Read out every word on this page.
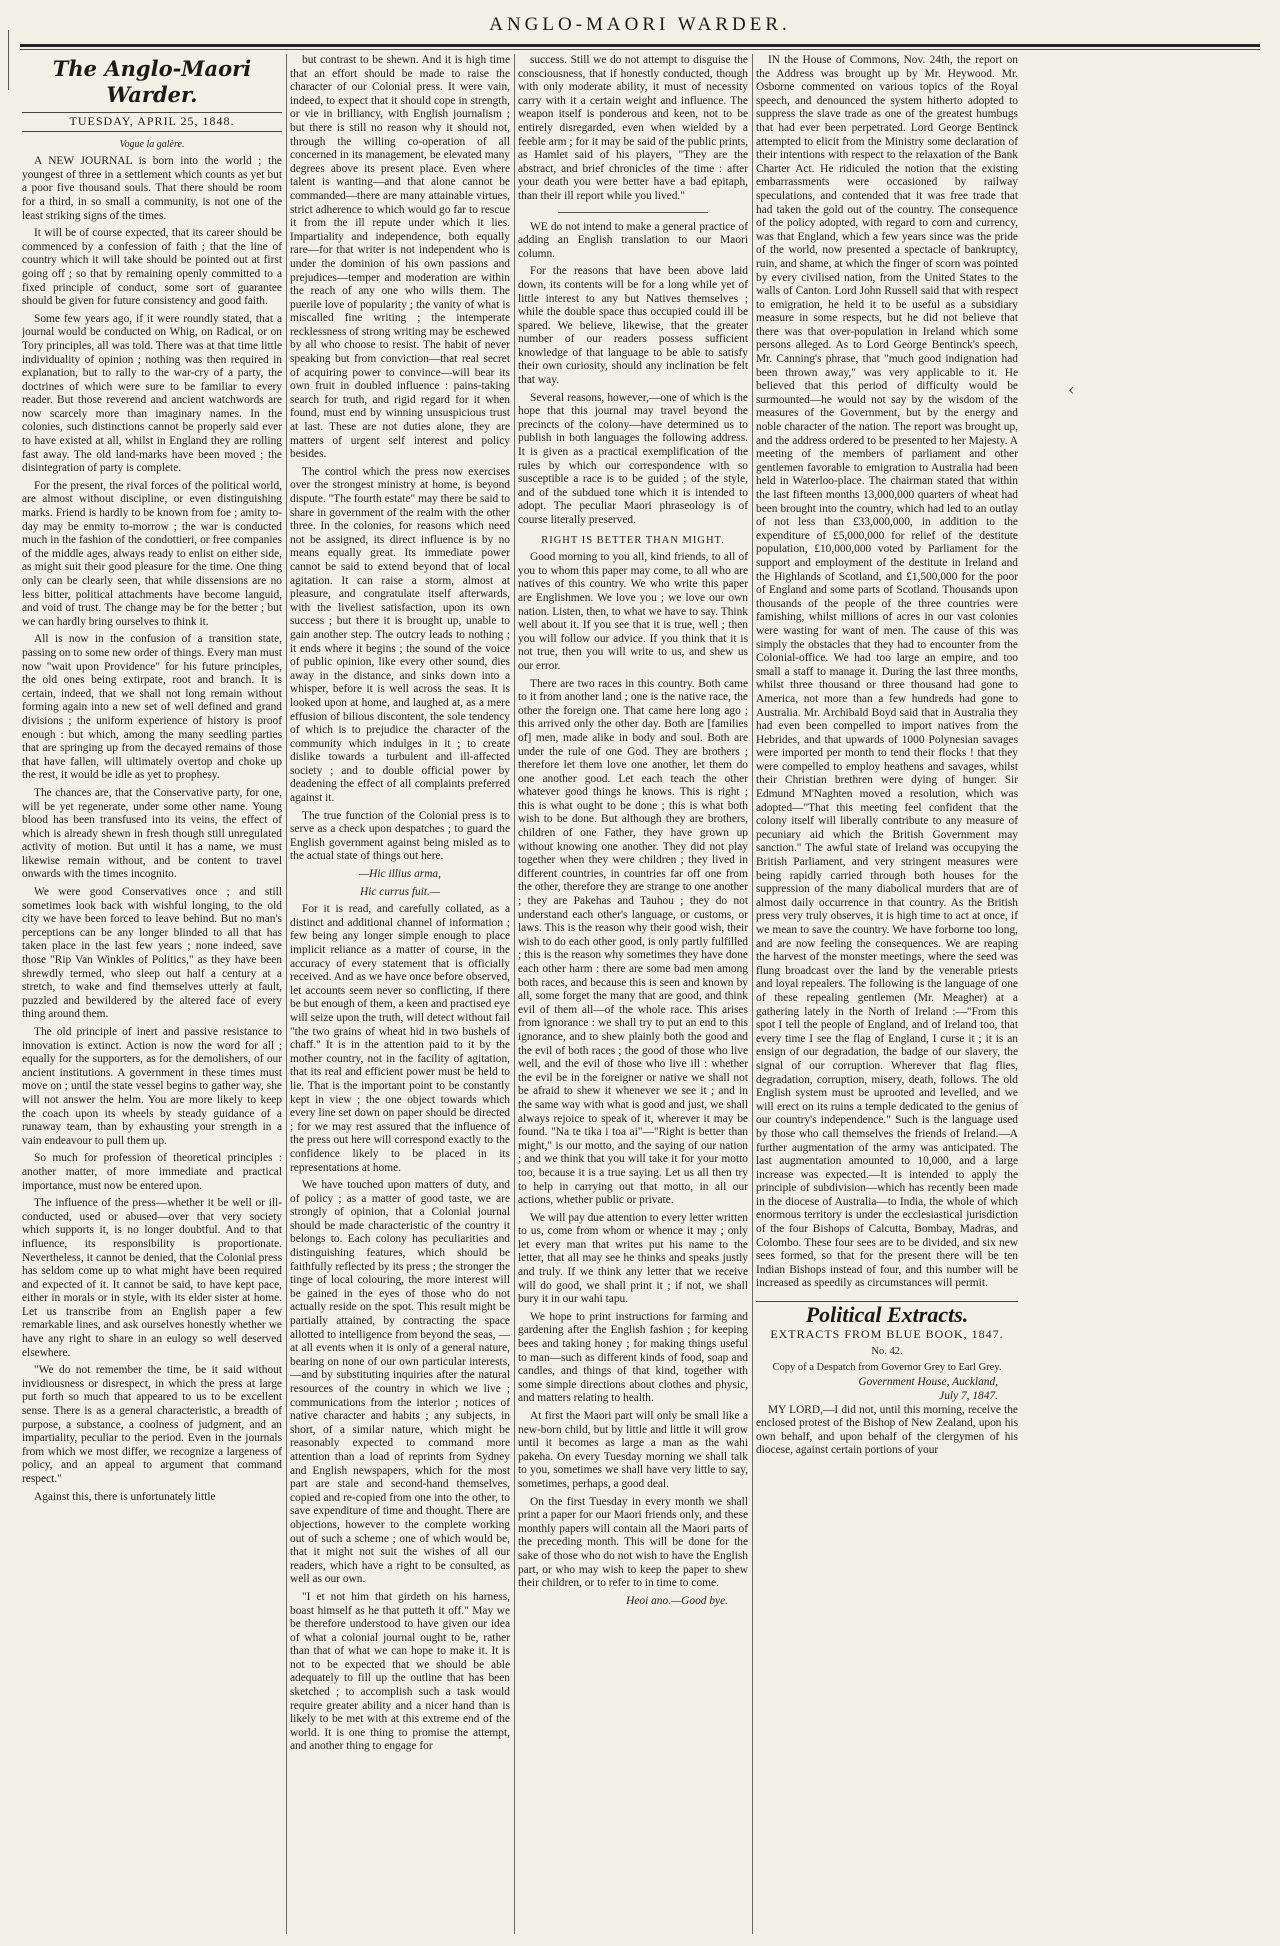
ANGLO-MAORI WARDER.
The Anglo-Maori Warder.
TUESDAY, APRIL 25, 1848.
Vogue la galère.

A NEW JOURNAL is born into the world ; the youngest of three in a settlement which counts as yet but a poor five thousand souls. That there should be room for a third, in so small a community, is not one of the least striking signs of the times.

It will be of course expected, that its career should be commenced by a confession of faith ; that the line of country which it will take should be pointed out at first going off ; so that by remaining openly committed to a fixed principle of conduct, some sort of guarantee should be given for future consistency and good faith.

Some few years ago, if it were roundly stated, that a journal would be conducted on Whig, on Radical, or on Tory principles, all was told. There was at that time little individuality of opinion ; nothing was then required in explanation, but to rally to the war-cry of a party, the doctrines of which were sure to be familiar to every reader. But those reverend and ancient watchwords are now scarcely more than imaginary names. In the colonies, such distinctions cannot be properly said ever to have existed at all, whilst in England they are rolling fast away. The old land-marks have been moved ; the disintegration of party is complete.

For the present, the rival forces of the political world, are almost without discipline, or even distinguishing marks. Friend is hardly to be known from foe ; amity to-day may be enmity to-morrow ; the war is conducted much in the fashion of the condottieri, or free companies of the middle ages, always ready to enlist on either side, as might suit their good pleasure for the time. One thing only can be clearly seen, that while dissensions are no less bitter, political attachments have become languid, and void of trust. The change may be for the better ; but we can hardly bring ourselves to think it.

All is now in the confusion of a transition state, passing on to some new order of things. Every man must now "wait upon Providence" for his future principles, the old ones being extirpate, root and branch. It is certain, indeed, that we shall not long remain without forming again into a new set of well defined and grand divisions ; the uniform experience of history is proof enough : but which, among the many seedling parties that are springing up from the decayed remains of those that have fallen, will ultimately overtop and choke up the rest, it would be idle as yet to prophesy.

The chances are, that the Conservative party, for one, will be yet regenerate, under some other name. Young blood has been transfused into its veins, the effect of which is already shewn in fresh though still unregulated activity of motion. But until it has a name, we must likewise remain without, and be content to travel onwards with the times incognito.

We were good Conservatives once ; and still sometimes look back with wishful longing, to the old city we have been forced to leave behind. But no man's perceptions can be any longer blinded to all that has taken place in the last few years ; none indeed, save those "Rip Van Winkles of Politics," as they have been shrewdly termed, who sleep out half a century at a stretch, to wake and find themselves utterly at fault, puzzled and bewildered by the altered face of every thing around them.

The old principle of inert and passive resistance to innovation is extinct. Action is now the word for all ; equally for the supporters, as for the demolishers, of our ancient institutions. A government in these times must move on ; until the state vessel begins to gather way, she will not answer the helm. You are more likely to keep the coach upon its wheels by steady guidance of a runaway team, than by exhausting your strength in a vain endeavour to pull them up.

So much for profession of theoretical principles : another matter, of more immediate and practical importance, must now be entered upon.

The influence of the press—whether it be well or ill-conducted, used or abused—over that very society which supports it, is no longer doubtful. And to that influence, its responsibility is proportionate. Nevertheless, it cannot be denied, that the Colonial press has seldom come up to what might have been required and expected of it. It cannot be said, to have kept pace, either in morals or in style, with its elder sister at home. Let us transcribe from an English paper a few remarkable lines, and ask ourselves honestly whether we have any right to share in an eulogy so well deserved elsewhere.

"We do not remember the time, be it said without invidiousness or disrespect, in which the press at large put forth so much that appeared to us to be excellent sense. There is as a general characteristic, a breadth of purpose, a substance, a coolness of judgment, and an impartiality, peculiar to the period. Even in the journals from which we most differ, we recognize a largeness of policy, and an appeal to argument that command respect."

Against this, there is unfortunately little

but contrast to be shewn. And it is high time that an effort should be made to raise the character of our Colonial press. It were vain, indeed, to expect that it should cope in strength, or vie in brilliancy, with English journalism ; but there is still no reason why it should not, through the willing co-operation of all concerned in its management, be elevated many degrees above its present place. Even where talent is wanting—and that alone cannot be commanded—there are many attainable virtues, strict adherence to which would go far to rescue it from the ill repute under which it lies. Impartiality and independence, both equally rare—for that writer is not independent who is under the dominion of his own passions and prejudices—temper and moderation are within the reach of any one who wills them. The puerile love of popularity ; the vanity of what is miscalled fine writing ; the intemperate recklessness of strong writing may be eschewed by all who choose to resist. The habit of never speaking but from conviction—that real secret of acquiring power to convince—will bear its own fruit in doubled influence : pains-taking search for truth, and rigid regard for it when found, must end by winning unsuspicious trust at last. These are not duties alone, they are matters of urgent self interest and policy besides.

The control which the press now exercises over the strongest ministry at home, is beyond dispute. "The fourth estate" may there be said to share in government of the realm with the other three. In the colonies, for reasons which need not be assigned, its direct influence is by no means equally great. Its immediate power cannot be said to extend beyond that of local agitation. It can raise a storm, almost at pleasure, and congratulate itself afterwards, with the liveliest satisfaction, upon its own success ; but there it is brought up, unable to gain another step. The outcry leads to nothing ; it ends where it begins ; the sound of the voice of public opinion, like every other sound, dies away in the distance, and sinks down into a whisper, before it is well across the seas. It is looked upon at home, and laughed at, as a mere effusion of bilious discontent, the sole tendency of which is to prejudice the character of the community which indulges in it ; to create dislike towards a turbulent and ill-affected society ; and to double official power by deadening the effect of all complaints preferred against it.

The true function of the Colonial press is to serve as a check upon despatches ; to guard the English government against being misled as to the actual state of things out here.

—Hic illius arma,
Hic currus fuit.—

For it is read, and carefully collated, as a distinct and additional channel of information ; few being any longer simple enough to place implicit reliance as a matter of course, in the accuracy of every statement that is officially received. And as we have once before observed, let accounts seem never so conflicting, if there be but enough of them, a keen and practised eye will seize upon the truth, will detect without fail "the two grains of wheat hid in two bushels of chaff." It is in the attention paid to it by the mother country, not in the facility of agitation, that its real and efficient power must be held to lie. That is the important point to be constantly kept in view ; the one object towards which every line set down on paper should be directed ; for we may rest assured that the influence of the press out here will correspond exactly to the confidence likely to be placed in its representations at home.

We have touched upon matters of duty, and of policy ; as a matter of good taste, we are strongly of opinion, that a Colonial journal should be made characteristic of the country it belongs to. Each colony has peculiarities and distinguishing features, which should be faithfully reflected by its press ; the stronger the tinge of local colouring, the more interest will be gained in the eyes of those who do not actually reside on the spot. This result might be partially attained, by contracting the space allotted to intelligence from beyond the seas, —at all events when it is only of a general nature, bearing on none of our own particular interests,—and by substituting inquiries after the natural resources of the country in which we live ; communications from the interior ; notices of native character and habits ; any subjects, in short, of a similar nature, which might be reasonably expected to command more attention than a load of reprints from Sydney and English newspapers, which for the most part are stale and second-hand themselves, copied and re-copied from one into the other, to save expenditure of time and thought. There are objections, however to the complete working out of such a scheme ; one of which would be, that it might not suit the wishes of all our readers, which have a right to be consulted, as well as our own.

"I et not him that girdeth on his harness, boast himself as he that putteth it off." May we be therefore understood to have given our idea of what a colonial journal ought to be, rather than that of what we can hope to make it. It is not to be expected that we should be able adequately to fill up the outline that has been sketched ; to accomplish such a task would require greater ability and a nicer hand than is likely to be met with at this extreme end of the world. It is one thing to promise the attempt, and another thing to engage for

success. Still we do not attempt to disguise the consciousness, that if honestly conducted, though with only moderate ability, it must of necessity carry with it a certain weight and influence. The weapon itself is ponderous and keen, not to be entirely disregarded, even when wielded by a feeble arm ; for it may be said of the public prints, as Hamlet said of his players, "They are the abstract, and brief chronicles of the time : after your death you were better have a bad epitaph, than their ill report while you lived."

WE do not intend to make a general practice of adding an English translation to our Maori column.

For the reasons that have been above laid down, its contents will be for a long while yet of little interest to any but Natives themselves ; while the double space thus occupied could ill be spared. We believe, likewise, that the greater number of our readers possess sufficient knowledge of that language to be able to satisfy their own curiosity, should any inclination be felt that way.

Several reasons, however,—one of which is the hope that this journal may travel beyond the precincts of the colony—have determined us to publish in both languages the following address. It is given as a practical exemplification of the rules by which our correspondence with so susceptible a race is to be guided ; of the style, and of the subdued tone which it is intended to adopt. The peculiar Maori phraseology is of course literally preserved.

RIGHT IS BETTER THAN MIGHT.

Good morning to you all, kind friends, to all of you to whom this paper may come, to all who are natives of this country. We who write this paper are Englishmen. We love you ; we love our own nation. Listen, then, to what we have to say. Think well about it. If you see that it is true, well ; then you will follow our advice. If you think that it is not true, then you will write to us, and shew us our error.

There are two races in this country. Both came to it from another land ; one is the native race, the other the foreign one. That came here long ago ; this arrived only the other day. Both are [families of] men, made alike in body and soul. Both are under the rule of one God. They are brothers ; therefore let them love one another, let them do one another good. Let each teach the other whatever good things he knows. This is right ; this is what ought to be done ; this is what both wish to be done. But although they are brothers, children of one Father, they have grown up without knowing one another. They did not play together when they were children ; they lived in different countries, in countries far off one from the other, therefore they are strange to one another ; they are Pakehas and Tauhou ; they do not understand each other's language, or customs, or laws. This is the reason why their good wish, their wish to do each other good, is only partly fulfilled ; this is the reason why sometimes they have done each other harm : there are some bad men among both races, and because this is seen and known by all, some forget the many that are good, and think evil of them all—of the whole race. This arises from ignorance : we shall try to put an end to this ignorance, and to shew plainly both the good and the evil of both races ; the good of those who live well, and the evil of those who live ill : whether the evil be in the foreigner or native we shall not be afraid to shew it whenever we see it ; and in the same way with what is good and just, we shall always rejoice to speak of it, wherever it may be found. "Na te tika i toa ai"—"Right is better than might," is our motto, and the saying of our nation ; and we think that you will take it for your motto too, because it is a true saying. Let us all then try to help in carrying out that motto, in all our actions, whether public or private.

We will pay due attention to every letter written to us, come from whom or whence it may ; only let every man that writes put his name to the letter, that all may see he thinks and speaks justly and truly. If we think any letter that we receive will do good, we shall print it ; if not, we shall bury it in our wahi tapu.

We hope to print instructions for farming and gardening after the English fashion ; for keeping bees and taking honey ; for making things useful to man—such as different kinds of food, soap and candles, and things of that kind, together with some simple directions about clothes and physic, and matters relating to health.

At first the Maori part will only be small like a new-born child, but by little and little it will grow until it becomes as large a man as the wahi pakeha. On every Tuesday morning we shall talk to you, sometimes we shall have very little to say, sometimes, perhaps, a good deal.

On the first Tuesday in every month we shall print a paper for our Maori friends only, and these monthly papers will contain all the Maori parts of the preceding month. This will be done for the sake of those who do not wish to have the English part, or who may wish to keep the paper to shew their children, or to refer to in time to come.

Heoi ano.—Good bye.

IN the House of Commons, Nov. 24th, the report on the Address was brought up by Mr. Heywood. Mr. Osborne commented on various topics of the Royal speech, and denounced the system hitherto adopted to suppress the slave trade as one of the greatest humbugs that had ever been perpetrated. Lord George Bentinck attempted to elicit from the Ministry some declaration of their intentions with respect to the relaxation of the Bank Charter Act. He ridiculed the notion that the existing embarrassments were occasioned by railway speculations, and contended that it was free trade that had taken the gold out of the country. The consequence of the policy adopted, with regard to corn and currency, was that England, which a few years since was the pride of the world, now presented a spectacle of bankruptcy, ruin, and shame, at which the finger of scorn was pointed by every civilised nation, from the United States to the walls of Canton. Lord John Russell said that with respect to emigration, he held it to be useful as a subsidiary measure in some respects, but he did not believe that there was that over-population in Ireland which some persons alleged. As to Lord George Bentinck's speech, Mr. Canning's phrase, that "much good indignation had been thrown away," was very applicable to it. He believed that this period of difficulty would be surmounted—he would not say by the wisdom of the measures of the Government, but by the energy and noble character of the nation. The report was brought up, and the address ordered to be presented to her Majesty. A meeting of the members of parliament and other gentlemen favorable to emigration to Australia had been held in Waterloo-place. The chairman stated that within the last fifteen months 13,000,000 quarters of wheat had been brought into the country, which had led to an outlay of not less than £33,000,000, in addition to the expenditure of £5,000,000 for relief of the destitute population, £10,000,000 voted by Parliament for the support and employment of the destitute in Ireland and the Highlands of Scotland, and £1,500,000 for the poor of England and some parts of Scotland. Thousands upon thousands of the people of the three countries were famishing, whilst millions of acres in our vast colonies were wasting for want of men. The cause of this was simply the obstacles that they had to encounter from the Colonial-office. We had too large an empire, and too small a staff to manage it. During the last three months, whilst three thousand or three thousand had gone to America, not more than a few hundreds had gone to Australia. Mr. Archibald Boyd said that in Australia they had even been compelled to import natives from the Hebrides, and that upwards of 1000 Polynesian savages were imported per month to tend their flocks ! that they were compelled to employ heathens and savages, whilst their Christian brethren were dying of hunger. Sir Edmund M'Naghten moved a resolution, which was adopted—"That this meeting feel confident that the colony itself will liberally contribute to any measure of pecuniary aid which the British Government may sanction." The awful state of Ireland was occupying the British Parliament, and very stringent measures were being rapidly carried through both houses for the suppression of the many diabolical murders that are of almost daily occurrence in that country. As the British press very truly observes, it is high time to act at once, if we mean to save the country. We have forborne too long, and are now feeling the consequences. We are reaping the harvest of the monster meetings, where the seed was flung broadcast over the land by the venerable priests and loyal repealers. The following is the language of one of these repealing gentlemen (Mr. Meagher) at a gathering lately in the North of Ireland :—"From this spot I tell the people of England, and of Ireland too, that every time I see the flag of England, I curse it ; it is an ensign of our degradation, the badge of our slavery, the signal of our corruption. Wherever that flag flies, degradation, corruption, misery, death, follows. The old English system must be uprooted and levelled, and we will erect on its ruins a temple dedicated to the genius of our country's independence." Such is the language used by those who call themselves the friends of Ireland.—A further augmentation of the army was anticipated. The last augmentation amounted to 10,000, and a large increase was expected.—It is intended to apply the principle of subdivision—which has recently been made in the diocese of Australia—to India, the whole of which enormous territory is under the ecclesiastical jurisdiction of the four Bishops of Calcutta, Bombay, Madras, and Colombo. These four sees are to be divided, and six new sees formed, so that for the present there will be ten Indian Bishops instead of four, and this number will be increased as speedily as circumstances will permit.

Political Extracts.
EXTRACTS FROM BLUE BOOK, 1847.
No. 42.
Copy of a Despatch from Governor Grey to Earl Grey.
Government House, Auckland,
July 7, 1847.

MY LORD,—I did not, until this morning, receive the enclosed protest of the Bishop of New Zealand, upon his own behalf, and upon behalf of the clergymen of his diocese, against certain portions of your

‹
